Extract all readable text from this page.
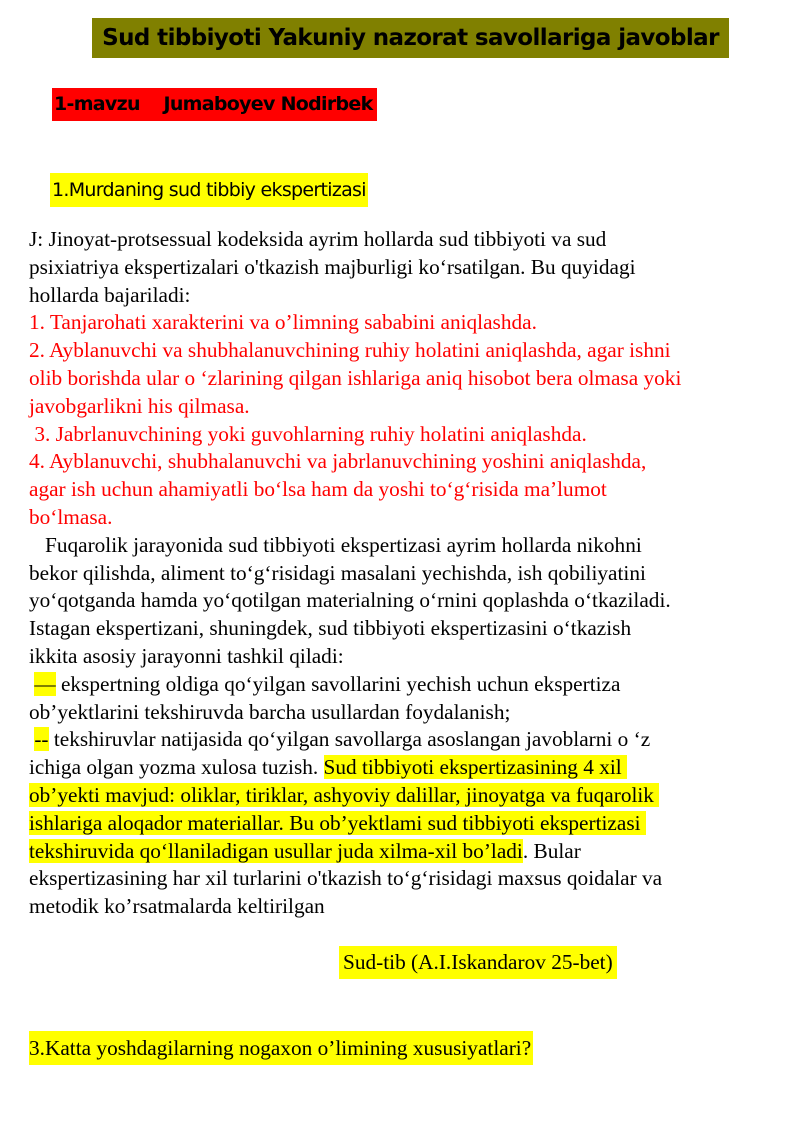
Sud tibbiyoti Yakuniy nazorat savollariga javoblar
1-mavzu    Jumaboyev Nodirbek
1.Murdaning sud tibbiy ekspertizasi
J: Jinoyat-protsessual kodeksida ayrim hollarda sud tibbiyoti va sud
psixiatriya ekspertizalari o'tkazish majburligi ko‘rsatilgan. Bu quyidagi
hollarda bajariladi:
1. Tanjarohati xarakterini va o’limning sababini aniqlashda.
2. Ayblanuvchi va shubhalanuvchining ruhiy holatini aniqlashda, agar ishni
olib borishda ular o ‘zlarining qilgan ishlariga aniq hisobot bera olmasa yoki
javobgarlikni his qilmasa.
3. Jabrlanuvchining yoki guvohlarning ruhiy holatini aniqlashda.
4. Ayblanuvchi, shubhalanuvchi va jabrlanuvchining yoshini aniqlashda,
agar ish uchun ahamiyatli bo‘lsa ham da yoshi to‘g‘risida ma’lumot
bo‘lmasa.
Fuqarolik jarayonida sud tibbiyoti ekspertizasi ayrim hollarda nikohni
bekor qilishda, aliment to‘g‘risidagi masalani yechishda, ish qobiliyatini
yo‘qotganda hamda yo‘qotilgan materialning o‘rnini qoplashda o‘tkaziladi.
Istagan ekspertizani, shuningdek, sud tibbiyoti ekspertizasini o‘tkazish
ikkita asosiy jarayonni tashkil qiladi:
— ekspertning oldiga qo‘yilgan savollarini yechish uchun ekspertiza
ob’yektlarini tekshiruvda barcha usullardan foydalanish;
-- tekshiruvlar natijasida qo‘yilgan savollarga asoslangan javoblarni o ‘z
ichiga olgan yozma xulosa tuzish. Sud tibbiyoti ekspertizasining 4 xil
ob’yekti mavjud: oliklar, tiriklar, ashyoviy dalillar, jinoyatga va fuqarolik
ishlariga aloqador materiallar. Bu ob’yektlami sud tibbiyoti ekspertizasi
tekshiruvida qo‘llaniladigan usullar juda xilma-xil bo’ladi. Bular
ekspertizasining har xil turlarini o'tkazish to‘g‘risidagi maxsus qoidalar va
metodik ko’rsatmalarda keltirilgan
Sud-tib (A.I.Iskandarov 25-bet)
3.Katta yoshdagilarning nogaxon o’limining xususiyatlari?
